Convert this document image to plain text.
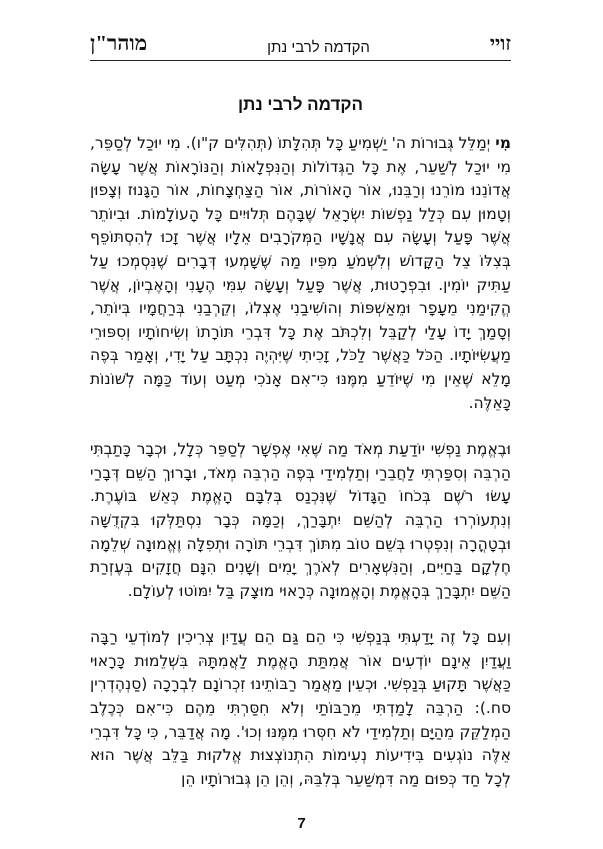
זויי
הקדמה לרבי נתן
מוהר"ן
הקדמה לרבי נתן

מִי יְמַלֵּל גְּבוּרוֹת ה' יַשְׁמִיעַ כָּל תְּהִלָּתוֹ (תְּהִלִּים ק"ו). מִי יוּכַל לְסַפֵּר, מִי יוּכַל לְשַׁעֵר, אֶת כָּל הַגְּדוֹלוֹת וְהַנִּפְלָאוֹת וְהַנּוֹרָאוֹת אֲשֶׁר עָשָׂה אֲדוֹנֵנוּ מוֹרֵנוּ וְרַבֵּנוּ, אוֹר הָאוֹרוֹת, אוֹר הַצַּחְצָחוֹת, אוֹר הַגָּנוּז וְצָפוּן וְטָמוּן עִם כְּלַל נַפְשׁוֹת יִשְׂרָאֵל שֶׁבָּהֶם תְּלוּיִים כָּל הָעוֹלָמוֹת. וּבִיוֹתֵר אֲשֶׁר פָּעַל וְעָשָׂה עִם אֲנָשָׁיו הַמְּקֹרָבִים אֵלָיו אֲשֶׁר זָכוּ לְהִסְתּוֹפֵף בְּצִלּוֹ צֵל הַקָּדוֹשׁ וְלִשְׁמֹעַ מִפִּיו מַה שֶּׁשָּׁמְעוּ דְּבָרִים שֶׁנִּסְמְכוּ עַל עַתִּיק יוֹמִין. וּבִפְרָטוּת, אֲשֶׁר פָּעַל וְעָשָׂה עִמִּי הֶעָנִי וְהָאֶבְיוֹן, אֲשֶׁר הֱקִימַנִי מֵעָפָר וּמֵאַשְׁפּוֹת וְהוֹשִׁיבַנִי אֶצְלוֹ, וְקֵרְבַנִי בְּרַחֲמָיו בְּיוֹתֵר, וְסָמַךְ יָדוֹ עָלַי לְקַבֵּל וְלִכְתֹּב אֶת כָּל דִּבְרֵי תּוֹרָתוֹ וְשִׂיחוֹתָיו וְסִפּוּרֵי מַעֲשִׂיּוֹתָיו. הַכֹּל כַּאֲשֶׁר לַכֹּל, זָכִיתִי שֶׁיִּהְיֶה נִכְתָּב עַל יָדִי, וְאָמַר בְּפֶה מָלֵא שֶׁאֵין מִי שֶׁיּוֹדֵעַ מִמֶּנּוּ כִּי־אִם אָנֹכִי מְעַט וְעוֹד כַּמָּה לְשׁוֹנוֹת כָּאֵלֶּה.

וּבֶאֱמֶת נַפְשִׁי יוֹדַעַת מְאֹד מַה שֶּׁאִי אֶפְשָׁר לְסַפֵּר כְּלָל, וּכְבָר כָּתַבְתִּי הַרְבֵּה וְסִפַּרְתִּי לַחֲבֵרַי וְתַלְמִידַי בְּפֶה הַרְבֵּה מְאֹד, וּבָרוּךְ הַשֵּׁם דְּבָרַי עָשׂוּ רֹשֶׁם בְּכֹחוֹ הַגָּדוֹל שֶׁנִּכְנַס בְּלִבָּם הָאֱמֶת כְּאֵשׁ בּוֹעֶרֶת. וְנִתְעוֹרְרוּ הַרְבֵּה לְהַשֵּׁם יִתְבָּרַךְ, וְכַמָּה כְּבָר נִסְתַּלְּקוּ בִּקְדֻשָּׁה וּבְטָהֳרָה וְנִפְטְרוּ בְּשֵׁם טוֹב מִתּוֹךְ דִּבְרֵי תּוֹרָה וּתְפִלָּה וֶאֱמוּנָה שְׁלֵמָה חֶלְקָם בַּחַיִּים, וְהַנִּשְׁאָרִים לְאֹרֶךְ יָמִים וְשָׁנִים הִנָּם חֲזָקִים בְּעֶזְרַת הַשֵּׁם יִתְבָּרַךְ בְּהָאֱמֶת וְהָאֱמוּנָה כְּרָאוּי מוּצָק בַּל יִמּוֹטוּ לְעוֹלָם.

וְעִם כָּל זֶה יָדַעְתִּי בְּנַפְשִׁי כִּי הֵם גַּם הֵם עֲדַיִן צְרִיכִין לְמוֹדְעֵי רַבָּה וַעֲדַיִן אֵינָם יוֹדְעִים אוֹר אֲמִתַּת הָאֱמֶת לַאֲמִתָּהּ בִּשְׁלֵמוּת כָּרָאוּי כַּאֲשֶׁר תָּקוּעַ בְּנַפְשִׁי. וּכְעֵין מַאֲמַר רַבּוֹתֵינוּ זִכְרוֹנָם לִבְרָכָה (סַנְהֶדְרִין סח.): הַרְבֵּה לָמַדְתִּי מֵרַבּוֹתַי וְלֹא חִסַּרְתִּי מֵהֶם כִּי־אִם כְּכֶלֶב הַמְלַקֵּק מֵהַיָּם וְתַלְמִידַי לֹא חִסְּרוּ מִמֶּנּוּ וְכוּ'. מָה אֲדַבֵּר, כִּי כָּל דִּבְרֵי אֵלֶּה נוֹגְעִים בִּידִיעוֹת נְעִימוֹת הִתְנוֹצְצוּת אֱלֹקוּת בַּלֵּב אֲשֶׁר הוּא לְכָל חַד כְּפוּם מַה דִּמְשַׁעֵר בְּלִבֵּהּ, וְהֵן הֵן גְּבוּרוֹתָיו הֵן

7
